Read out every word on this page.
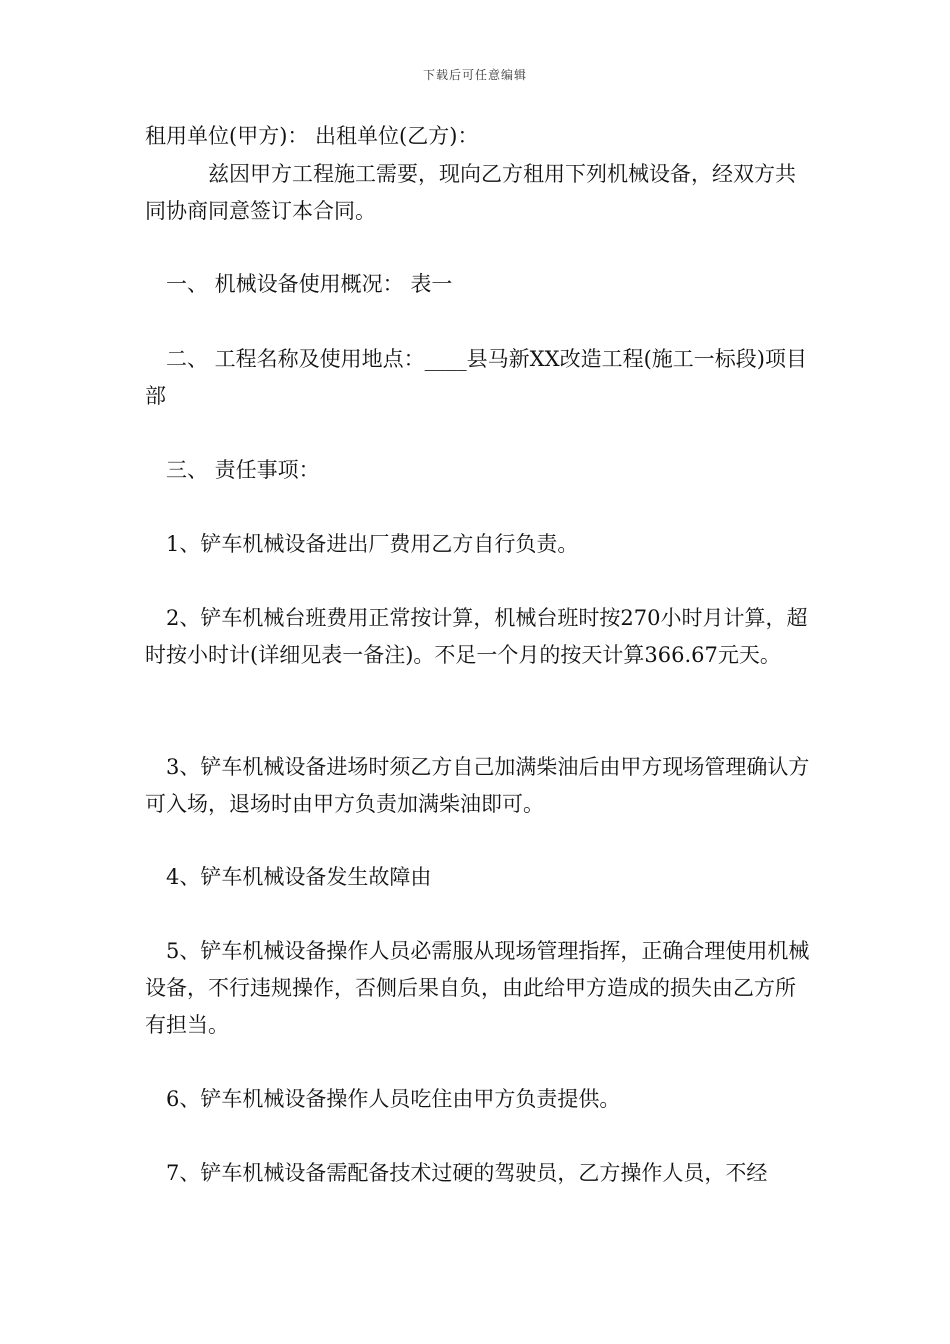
下载后可任意编辑

租用单位(甲方)： 出租单位(乙方)：

　　　兹因甲方工程施工需要，现向乙方租用下列机械设备，经双方共同协商同意签订本合同。

　一、 机械设备使用概况： 表一

　二、 工程名称及使用地点：____县马新XX改造工程(施工一标段)项目部

　三、 责任事项：

　1、铲车机械设备进出厂费用乙方自行负责。

　2、铲车机械台班费用正常按计算，机械台班时按270小时月计算，超时按小时计(详细见表一备注)。不足一个月的按天计算366.67元天。

　3、铲车机械设备进场时须乙方自己加满柴油后由甲方现场管理确认方可入场，退场时由甲方负责加满柴油即可。

　4、铲车机械设备发生故障由

　5、铲车机械设备操作人员必需服从现场管理指挥，正确合理使用机械设备，不行违规操作，否侧后果自负，由此给甲方造成的损失由乙方所有担当。

　6、铲车机械设备操作人员吃住由甲方负责提供。

　7、铲车机械设备需配备技术过硬的驾驶员，乙方操作人员，不经
